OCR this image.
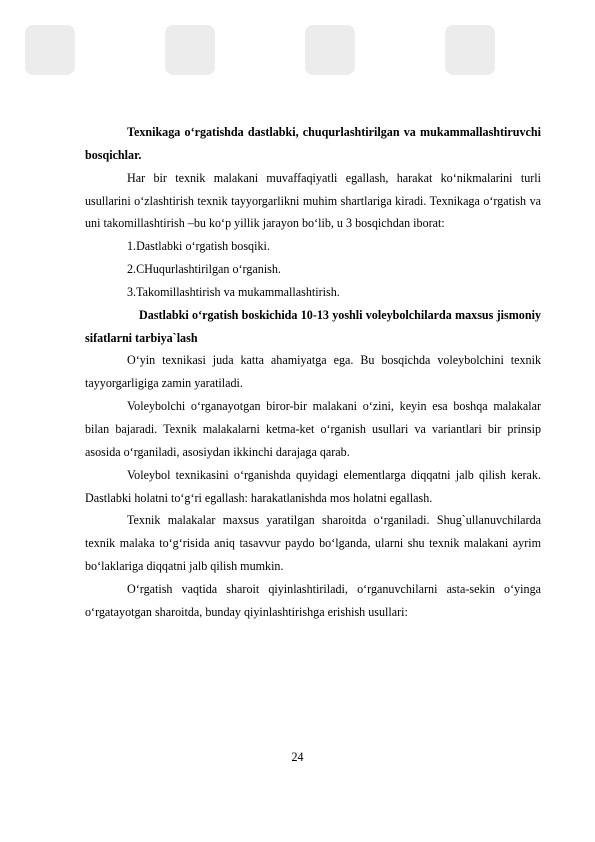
Texnikaga o‘rgatishda dastlabki, chuqurlashtirilgan va mukammallashtiruvchi bosqichlar.

Har bir texnik malakani muvaffaqiyatli egallash, harakat ko‘nikmalarini turli usullarini o‘zlashtirish texnik tayyorgarlikni muhim shartlariga kiradi. Texnikaga o‘rgatish va uni takomillashtirish –bu ko‘p yillik jarayon bo‘lib, u 3 bosqichdan iborat:

1.Dastlabki o‘rgatish bosqiki.

2.CHuqurlashtirilgan o‘rganish.

3.Takomillashtirish va mukammallashtirish.

Dastlabki o‘rgatish boskichida 10-13 yoshli voleybolchilarda maxsus jismoniy sifatlarni tarbiya`lash

O‘yin texnikasi juda katta ahamiyatga ega. Bu bosqichda voleybolchini texnik tayyorgarligiga zamin yaratiladi.

Voleybolchi o‘rganayotgan biror-bir malakani o‘zini, keyin esa boshqa malakalar bilan bajaradi. Texnik malakalarni ketma-ket o‘rganish usullari va variantlari bir prinsip asosida o‘rganiladi, asosiydan ikkinchi darajaga qarab.

Voleybol texnikasini o‘rganishda quyidagi elementlarga diqqatni jalb qilish kerak. Dastlabki holatni to‘g‘ri egallash: harakatlanishda mos holatni egallash.

Texnik malakalar maxsus yaratilgan sharoitda o‘rganiladi. Shug`ullanuvchilarda texnik malaka to‘g‘risida aniq tasavvur paydo bo‘lganda, ularni shu texnik malakani ayrim bo‘laklariga diqqatni jalb qilish mumkin.

O‘rgatish vaqtida sharoit qiyinlashtiriladi, o‘rganuvchilarni asta-sekin o‘yinga o‘rgatayotgan sharoitda, bunday qiyinlashtirishga erishish usullari:

24
